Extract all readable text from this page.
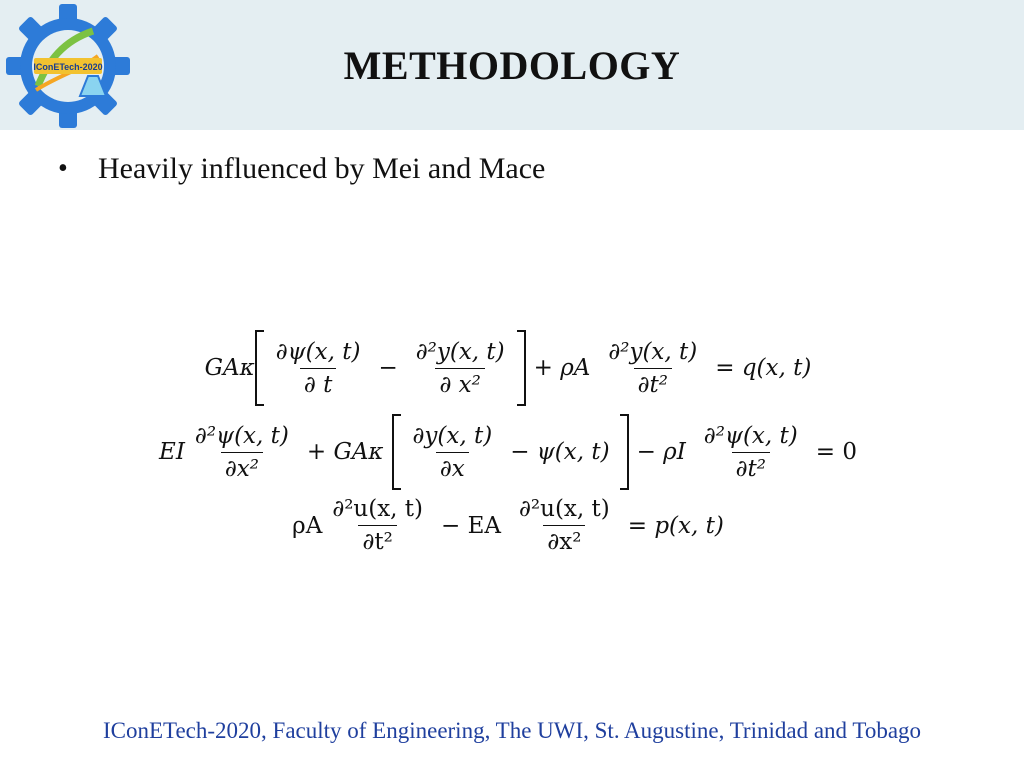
IConETech-2020	METHODOLOGY
•	Heavily influenced by Mei and Mace
GAκ $\frac{\partial\psi(x, t)}{\partial t} - \frac{\text{∂²y(x, t)}}{\text{∂ x²}} + \rho A \frac{\text{∂²y(x, t)}}{\text{∂t²}} = q(x$, t)
EI $\frac{\text{∂²ψ(x, t)}}{\text{∂x²}} + GA\kappa \frac{\partial y(x, t)}{\partial x} - \psi(x$, t) − ρI $\frac{\text{∂²ψ(x, t)}}{\text{∂t²}} = 0$
ρA $\frac{\text{∂²u(x, t)}}{\text{∂t²}}$ − EA $\frac{\text{∂²u(x, t)}}{\text{∂x²}} = p(x$, t)
IConETech-2020, Faculty of Engineering, The UWI, St. Augustine, Trinidad and Tobago
